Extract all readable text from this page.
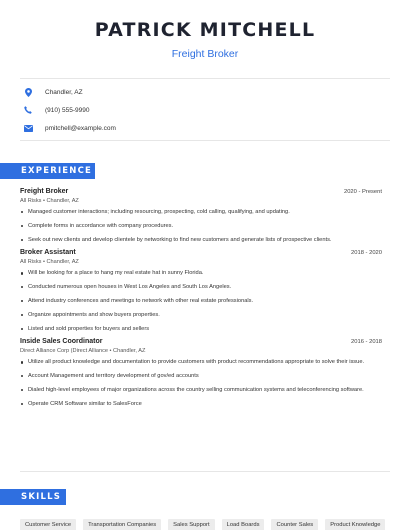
PATRICK MITCHELL
Freight Broker
Chandler, AZ
(910) 555-9990
pmitchell@example.com
EXPERIENCE
Freight Broker	2020 - Present
All Risks • Chandler, AZ
Managed customer interactions; including resourcing, prospecting, cold calling, qualifying, and updating.
Complete forms in accordance with company procedures.
Seek out new clients and develop clientele by networking to find new customers and generate lists of prospective clients.
Broker Assistant	2018 - 2020
All Risks • Chandler, AZ
Will be looking for a place to hang my real estate hat in sunny Florida.
Conducted numerous open houses in West Los Angeles and South Los Angeles.
Attend industry conferences and meetings to network with other real estate professionals.
Organize appointments and show buyers properties.
Listed and sold properties for buyers and sellers
Inside Sales Coordinator	2016 - 2018
Direct Alliance Corp (Direct Alliance • Chandler, AZ
Utilize all product knowledge and documentation to provide customers with product recommendations appropriate to solve their issue.
Account Management and territory development of gov/ed accounts
Dialed high-level employees of major organizations across the country selling communication systems and teleconferencing software.
Operate CRM Software similar to SalesForce
SKILLS
Customer Service	Transportation Companies	Sales Support	Load Boards	Counter Sales	Product Knowledge
